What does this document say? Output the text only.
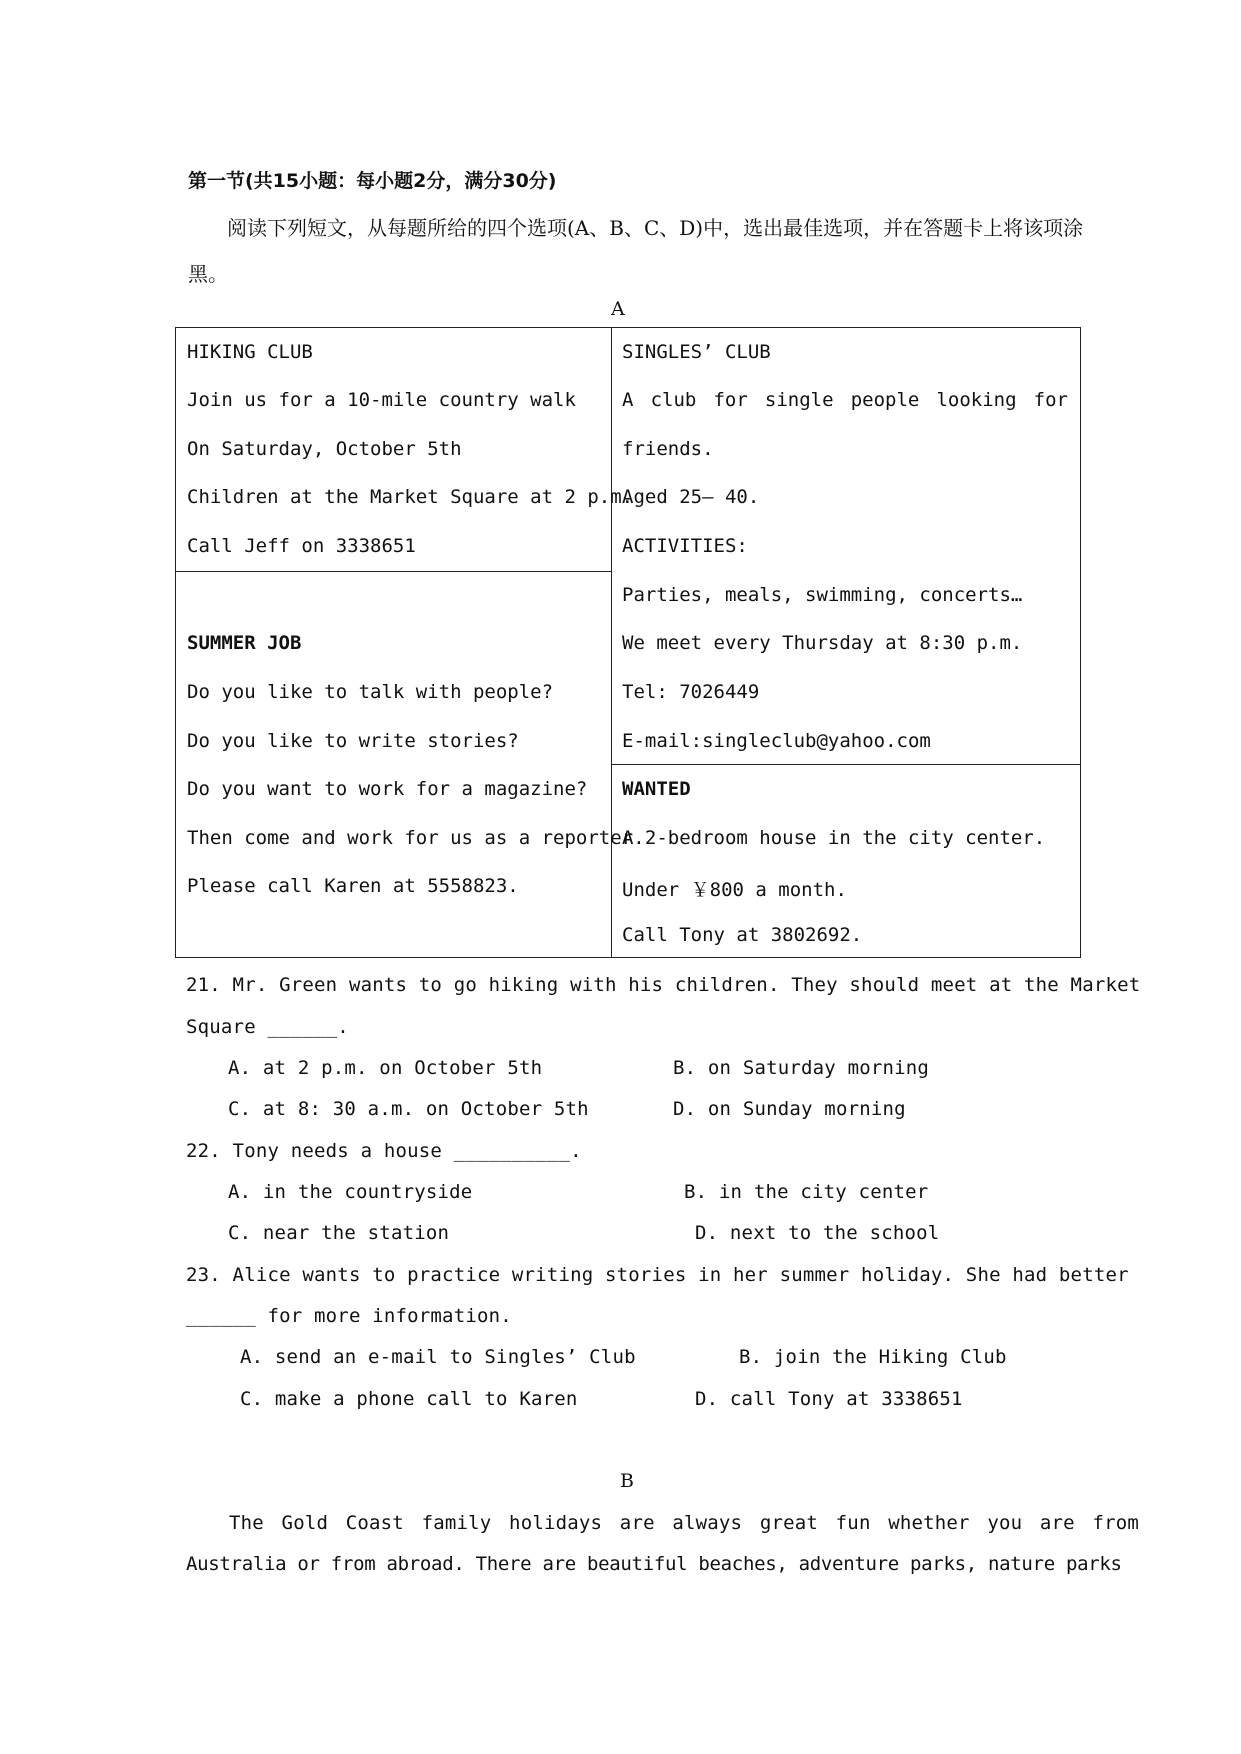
第一节(共15小题：每小题2分，满分30分)
阅读下列短文，从每题所给的四个选项(A、B、C、D)中，选出最佳选项，并在答题卡上将该项涂
黑。
A
HIKING CLUB
Join us for a 10-mile country walk
On Saturday, October 5th
Children at the Market Square at 2 p.m.
Call Jeff on 3338651
SUMMER JOB
Do you like to talk with people?
Do you like to write stories?
Do you want to work for a magazine?
Then come and work for us as a reporter.
Please call Karen at 5558823.
SINGLES’ CLUB
A club for single people looking for
friends.
Aged 25— 40.
ACTIVITIES:
Parties, meals, swimming, concerts…
We meet every Thursday at 8:30 p.m.
Tel: 7026449
E-mail:singleclub@yahoo.com
WANTED
A 2-bedroom house in the city center.
Under ￥800 a month.
Call Tony at 3802692.
21. Mr. Green wants to go hiking with his children. They should meet at the Market
Square ______.
A. at 2 p.m. on October 5th	B. on Saturday morning
C. at 8: 30 a.m. on October 5th	D. on Sunday morning
22. Tony needs a house __________.
A. in the countryside	B. in the city center
C. near the station	D. next to the school
23. Alice wants to practice writing stories in her summer holiday. She had better
______ for more information.
A. send an e-mail to Singles’ Club	B. join the Hiking Club
C. make a phone call to Karen	D. call Tony at 3338651
B
The Gold Coast family holidays are always great fun whether you are from
Australia or from abroad. There are beautiful beaches, adventure parks, nature parks
